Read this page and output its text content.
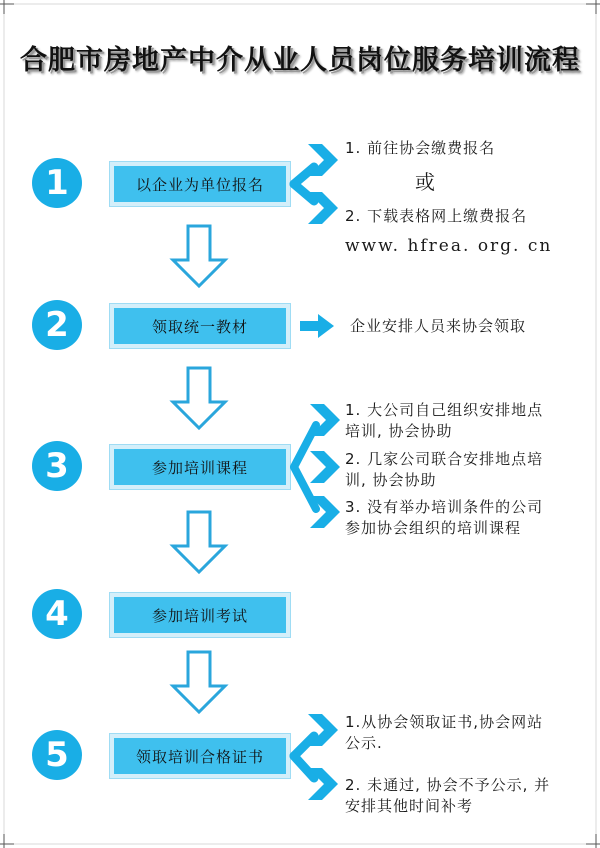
合肥市房地产中介从业人员岗位服务培训流程
1	以企业为单位报名
1. 前往协会缴费报名
或
2. 下载表格网上缴费报名
www. hfrea. org. cn
2	领取统一教材	企业安排人员来协会领取
3	参加培训课程
1. 大公司自己组织安排地点
培训, 协会协助
2. 几家公司联合安排地点培
训, 协会协助
3. 没有举办培训条件的公司
参加协会组织的培训课程
4	参加培训考试
5	领取培训合格证书
1.从协会领取证书,协会网站
公示.
2. 未通过, 协会不予公示, 并
安排其他时间补考
